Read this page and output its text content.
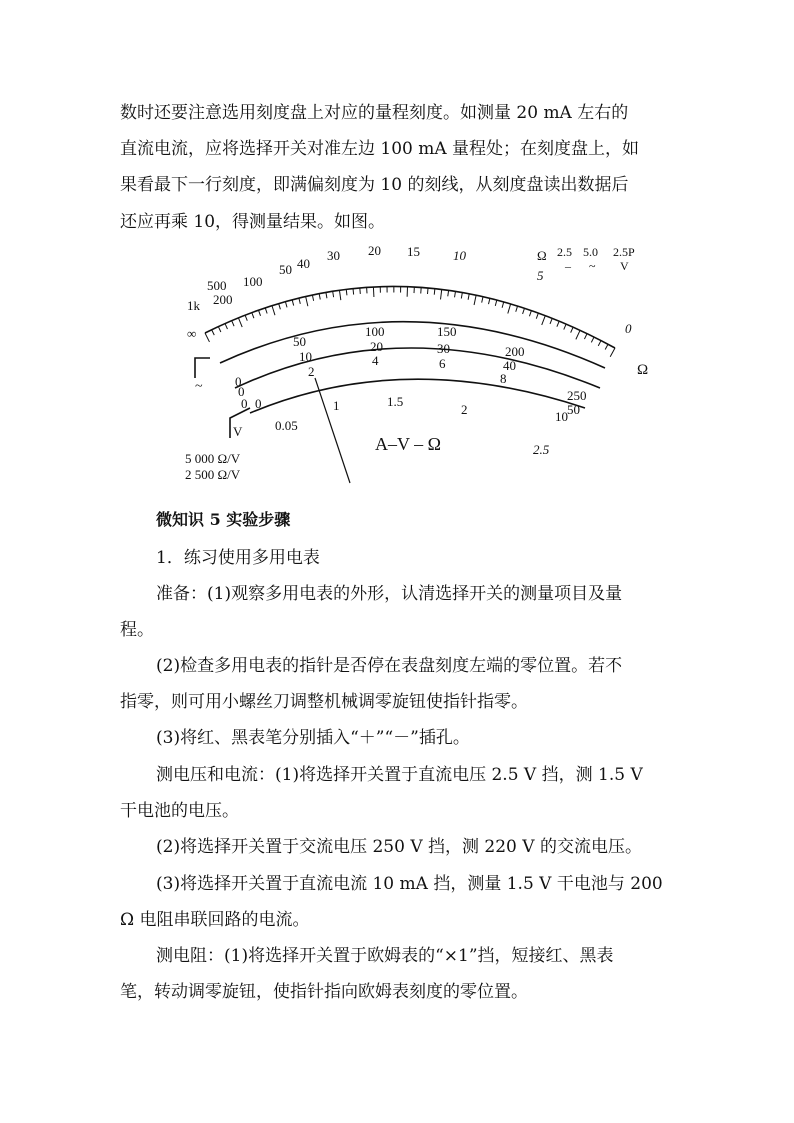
数时还要注意选用刻度盘上对应的量程刻度。如测量 20 mA 左右的
直流电流，应将选择开关对准左边 100 mA 量程处；在刻度盘上，如
果看最下一行刻度，即满偏刻度为 10 的刻线，从刻度盘读出数据后
还应再乘 10，得测量结果。如图。
∞
1k
500
200
100
50 40
30 20 15	10
5
0
Ω 2.5 5.0 2.5P
– ~ V
0
50
100	150
200
250
0
10
20	30
40
50
0
2
4	6
8
10
0
0.05
1	1.5
2
2.5
~
V
Ω
A–V – Ω
5 000 Ω/V
2 500 Ω/V
微知识 5 实验步骤
1．练习使用多用电表
准备：(1)观察多用电表的外形，认清选择开关的测量项目及量
程。
(2)检查多用电表的指针是否停在表盘刻度左端的零位置。若不
指零，则可用小螺丝刀调整机械调零旋钮使指针指零。
(3)将红、黑表笔分别插入“＋”“－”插孔。
测电压和电流：(1)将选择开关置于直流电压 2.5 V 挡，测 1.5 V
干电池的电压。
(2)将选择开关置于交流电压 250 V 挡，测 220 V 的交流电压。
(3)将选择开关置于直流电流 10 mA 挡，测量 1.5 V 干电池与 200
Ω 电阻串联回路的电流。
测电阻：(1)将选择开关置于欧姆表的“×1”挡，短接红、黑表
笔，转动调零旋钮，使指针指向欧姆表刻度的零位置。
